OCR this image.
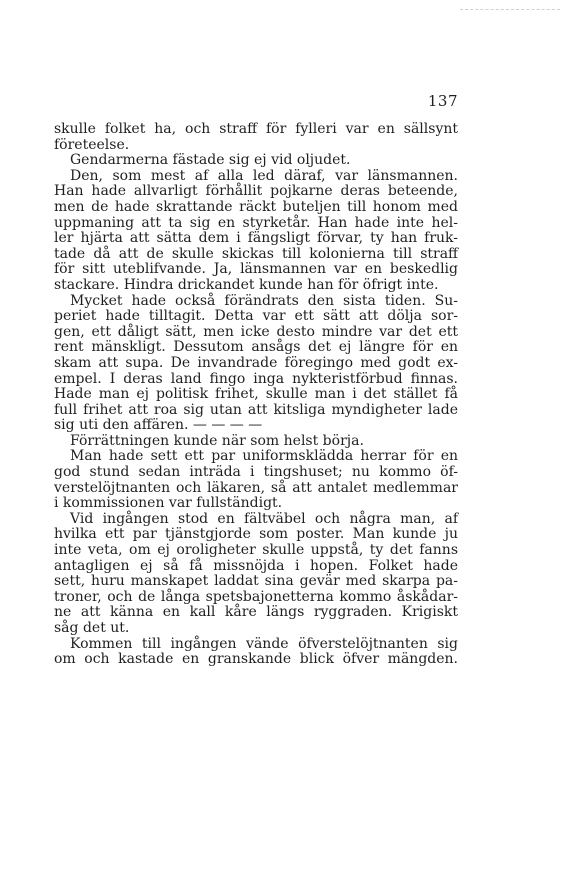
137
skulle folket ha, och straff för fylleri var en sällsynt
företeelse.
Gendarmerna fästade sig ej vid oljudet.
Den, som mest af alla led däraf, var länsmannen.
Han hade allvarligt förhållit pojkarne deras beteende,
men de hade skrattande räckt buteljen till honom med
uppmaning att ta sig en styrketår. Han hade inte hel-
ler hjärta att sätta dem i fängsligt förvar, ty han fruk-
tade då att de skulle skickas till kolonierna till straff
för sitt uteblifvande. Ja, länsmannen var en beskedlig
stackare. Hindra drickandet kunde han för öfrigt inte.
Mycket hade också förändrats den sista tiden. Su-
periet hade tilltagit. Detta var ett sätt att dölja sor-
gen, ett dåligt sätt, men icke desto mindre var det ett
rent mänskligt. Dessutom ansågs det ej längre för en
skam att supa. De invandrade föregingo med godt ex-
empel. I deras land fingo inga nykteristförbud finnas.
Hade man ej politisk frihet, skulle man i det stället få
full frihet att roa sig utan att kitsliga myndigheter lade
sig uti den affären. — — — —
Förrättningen kunde när som helst börja.
Man hade sett ett par uniformsklädda herrar för en
god stund sedan inträda i tingshuset; nu kommo öf-
verstelöjtnanten och läkaren, så att antalet medlemmar
i kommissionen var fullständigt.
Vid ingången stod en fältväbel och några man, af
hvilka ett par tjänstgjorde som poster. Man kunde ju
inte veta, om ej oroligheter skulle uppstå, ty det fanns
antagligen ej så få missnöjda i hopen. Folket hade
sett, huru manskapet laddat sina gevär med skarpa pa-
troner, och de långa spetsbajonetterna kommo åskådar-
ne att känna en kall kåre längs ryggraden. Krigiskt
såg det ut.
Kommen till ingången vände öfverstelöjtnanten sig
om och kastade en granskande blick öfver mängden.
